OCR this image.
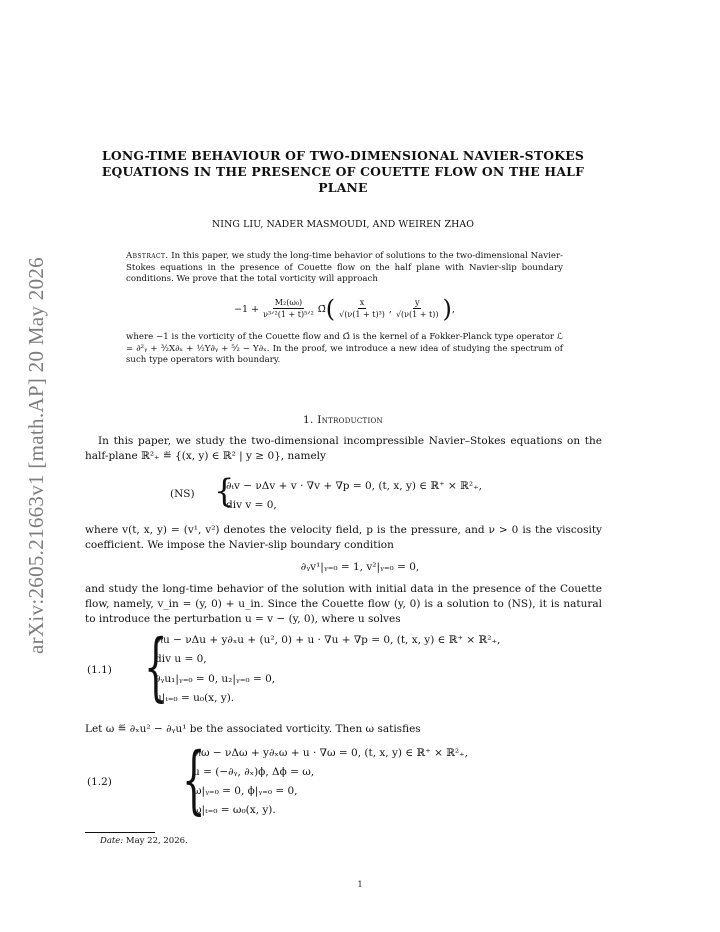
arXiv:2605.21663v1 [math.AP] 20 May 2026
LONG-TIME BEHAVIOUR OF TWO-DIMENSIONAL NAVIER-STOKES
EQUATIONS IN THE PRESENCE OF COUETTE FLOW ON THE HALF
PLANE
NING LIU, NADER MASMOUDI, AND WEIREN ZHAO
Abstract. In this paper, we study the long-time behavior of solutions to the two-dimensional Navier-Stokes equations in the presence of Couette flow on the half plane with Navier-slip boundary conditions. We prove that the total vorticity will approach
$-1 + \frac{\text{M₂(ω₀)}}{\text{ν³ᐟ²(1 + t)⁵ᐟ²}}$ Ω̄ ( $\frac{x}{\text{√(ν(1 + t)³)}}$ , $\frac{y}{√(\nu(1 + t))}$ ) ,
where −1 is the vorticity of the Couette flow and Ω̄ is the kernel of a Fokker-Planck type operator ℒ = ∂²ᵧ + ³⁄₂X∂ₓ + ½Y∂ᵧ + ⁵⁄₂ − Y∂ₓ. In the proof, we introduce a new idea of studying the spectrum of such type operators with boundary.
1. Introduction
In this paper, we study the two-dimensional incompressible Navier–Stokes equations on the half-plane ℝ²₊ ≝ {(x, y) ∈ ℝ² | y ≥ 0}, namely
(NS) {
∂ₜv − νΔv + v · ∇v + ∇p = 0, (t, x, y) ∈ ℝ⁺ × ℝ²₊,
div v = 0,
where v(t, x, y) = (v¹, v²) denotes the velocity field, p is the pressure, and ν > 0 is the viscosity coefficient. We impose the Navier-slip boundary condition
∂ᵧv¹|ᵧ₌₀ = 1, v²|ᵧ₌₀ = 0,
and study the long-time behavior of the solution with initial data in the presence of the Couette flow, namely, v_in = (y, 0) + u_in. Since the Couette flow (y, 0) is a solution to (NS), it is natural to introduce the perturbation u = v − (y, 0), where u solves
(1.1) {
∂ₜu − νΔu + y∂ₓu + (u², 0) + u · ∇u + ∇p = 0, (t, x, y) ∈ ℝ⁺ × ℝ²₊,
div u = 0,
∂ᵧu₁|ᵧ₌₀ = 0, u₂|ᵧ₌₀ = 0,
u|ₜ₌₀ = u₀(x, y).
Let ω ≝ ∂ₓu² − ∂ᵧu¹ be the associated vorticity. Then ω satisfies
(1.2) {
∂ₜω − νΔω + y∂ₓω + u · ∇ω = 0, (t, x, y) ∈ ℝ⁺ × ℝ²₊,
u = (−∂ᵧ, ∂ₓ)ϕ, Δϕ = ω,
ω|ᵧ₌₀ = 0, ϕ|ᵧ₌₀ = 0,
ω|ₜ₌₀ = ω₀(x, y).
Date: May 22, 2026.
1
